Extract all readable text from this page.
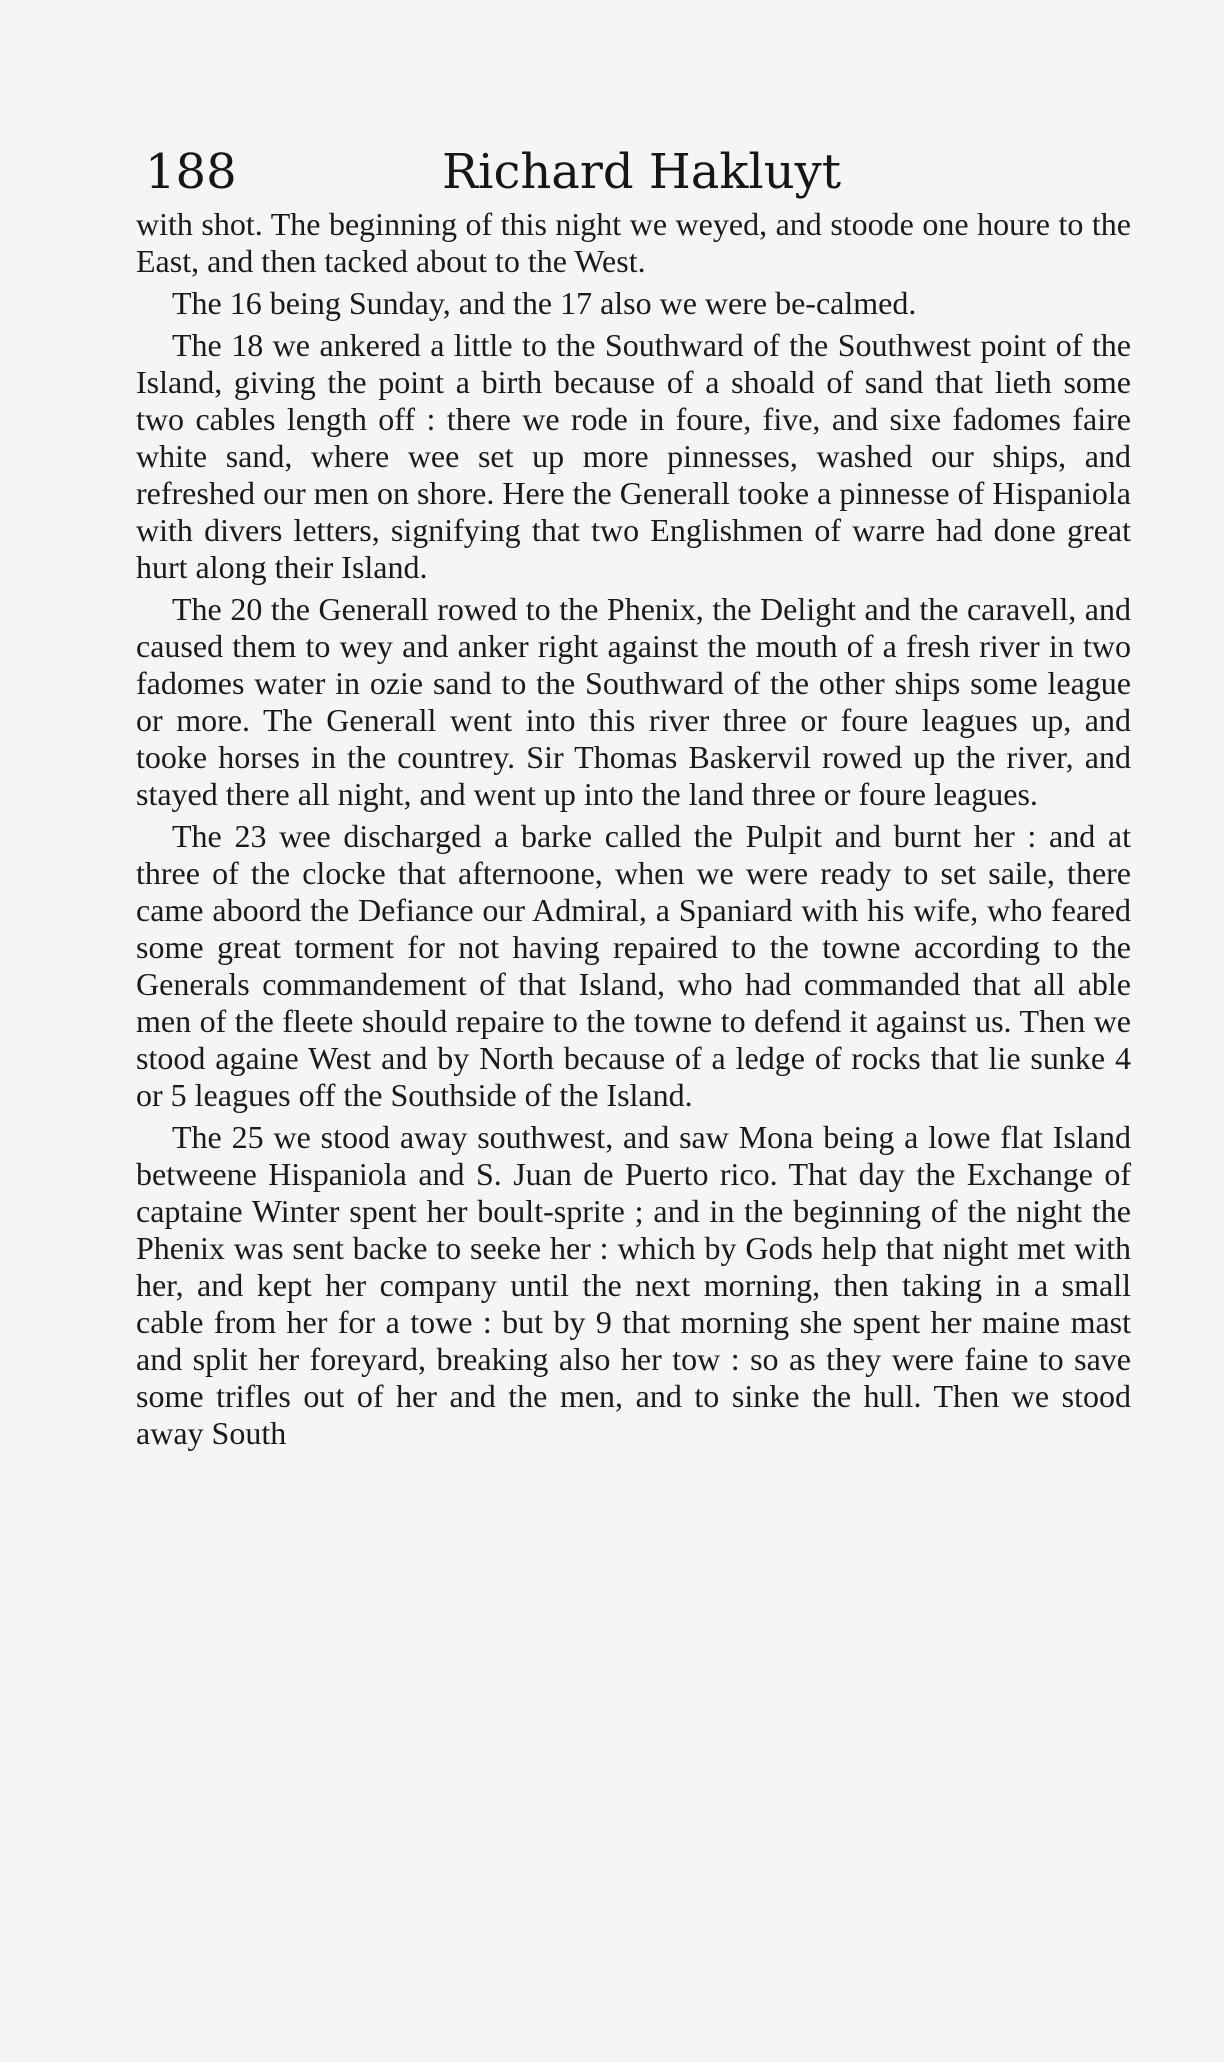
188	Richard Hakluyt

with shot. The beginning of this night we weyed, and stoode one houre to the East, and then tacked about to the West.

The 16 being Sunday, and the 17 also we were be-calmed.

The 18 we ankered a little to the Southward of the Southwest point of the Island, giving the point a birth because of a shoald of sand that lieth some two cables length off : there we rode in foure, five, and sixe fadomes faire white sand, where wee set up more pinnesses, washed our ships, and refreshed our men on shore. Here the Generall tooke a pinnesse of Hispaniola with divers letters, signifying that two Englishmen of warre had done great hurt along their Island.

The 20 the Generall rowed to the Phenix, the Delight and the caravell, and caused them to wey and anker right against the mouth of a fresh river in two fadomes water in ozie sand to the Southward of the other ships some league or more. The Generall went into this river three or foure leagues up, and tooke horses in the countrey. Sir Thomas Baskervil rowed up the river, and stayed there all night, and went up into the land three or foure leagues.

The 23 wee discharged a barke called the Pulpit and burnt her : and at three of the clocke that afternoone, when we were ready to set saile, there came aboord the Defiance our Admiral, a Spaniard with his wife, who feared some great torment for not having repaired to the towne according to the Generals commandement of that Island, who had commanded that all able men of the fleete should repaire to the towne to defend it against us. Then we stood againe West and by North because of a ledge of rocks that lie sunke 4 or 5 leagues off the Southside of the Island.

The 25 we stood away southwest, and saw Mona being a lowe flat Island betweene Hispaniola and S. Juan de Puerto rico. That day the Exchange of captaine Winter spent her boult-sprite ; and in the beginning of the night the Phenix was sent backe to seeke her : which by Gods help that night met with her, and kept her company until the next morning, then taking in a small cable from her for a towe : but by 9 that morning she spent her maine mast and split her foreyard, breaking also her tow : so as they were faine to save some trifles out of her and the men, and to sinke the hull. Then we stood away South
